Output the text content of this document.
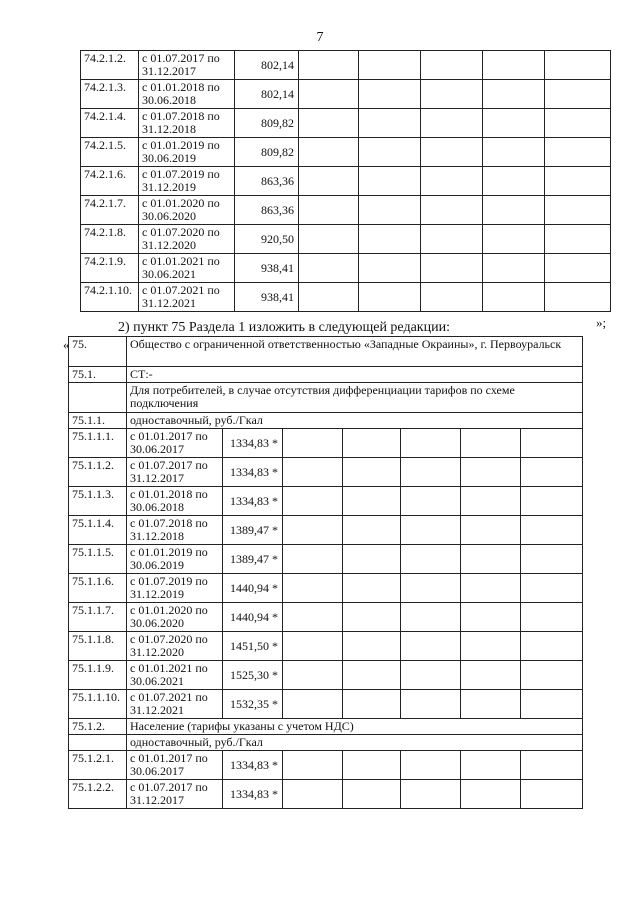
7
74.2.1.2.	с 01.07.2017 по
31.12.2017	802,14					
74.2.1.3.	с 01.01.2018 по
30.06.2018	802,14					
74.2.1.4.	с 01.07.2018 по
31.12.2018	809,82					
74.2.1.5.	с 01.01.2019 по
30.06.2019	809,82					
74.2.1.6.	с 01.07.2019 по
31.12.2019	863,36					
74.2.1.7.	с 01.01.2020 по
30.06.2020	863,36					
74.2.1.8.	с 01.07.2020 по
31.12.2020	920,50					
74.2.1.9.	с 01.01.2021 по
30.06.2021	938,41					
74.2.1.10.	с 01.07.2021 по
31.12.2021	938,41					
»;
2) пункт 75 Раздела 1 изложить в следующей редакции:
« 75.	Общество с ограниченной ответственностью «Западные Окраины», г. Первоуральск						
75.1.	СТ:-						
	Для потребителей, в случае отсутствия дифференциации тарифов по схеме подключения						
75.1.1.	одноставочный, руб./Гкал						
75.1.1.1.	с 01.01.2017 по
30.06.2017	1334,83 *					
75.1.1.2.	с 01.07.2017 по
31.12.2017	1334,83 *					
75.1.1.3.	с 01.01.2018 по
30.06.2018	1334,83 *					
75.1.1.4.	с 01.07.2018 по
31.12.2018	1389,47 *					
75.1.1.5.	с 01.01.2019 по
30.06.2019	1389,47 *					
75.1.1.6.	с 01.07.2019 по
31.12.2019	1440,94 *					
75.1.1.7.	с 01.01.2020 по
30.06.2020	1440,94 *					
75.1.1.8.	с 01.07.2020 по
31.12.2020	1451,50 *					
75.1.1.9.	с 01.01.2021 по
30.06.2021	1525,30 *					
75.1.1.10.	с 01.07.2021 по
31.12.2021	1532,35 *					
75.1.2.	Население (тарифы указаны с учетом НДС)						
	одноставочный, руб./Гкал						
75.1.2.1.	с 01.01.2017 по
30.06.2017	1334,83 *					
75.1.2.2.	с 01.07.2017 по
31.12.2017	1334,83 *					
